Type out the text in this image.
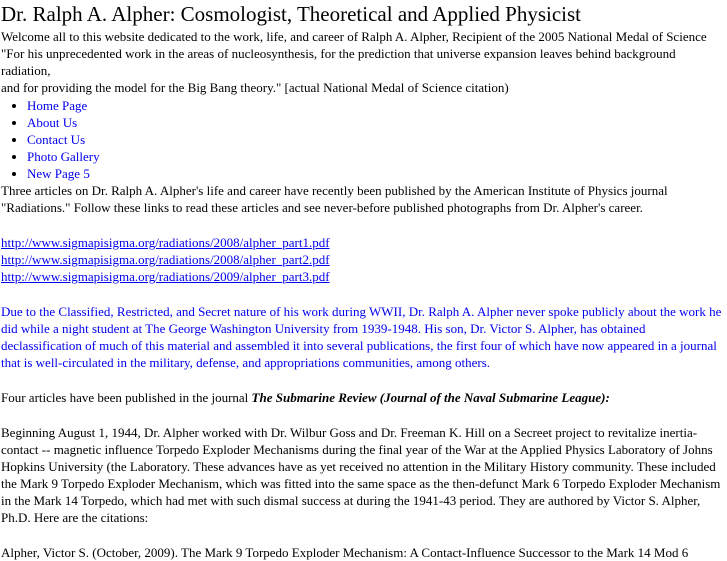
Dr. Ralph A. Alpher: Cosmologist, Theoretical and Applied Physicist

Welcome all to this website dedicated to the work, life, and career of Ralph A. Alpher, Recipient of the 2005 National Medal of Science

"For his unprecedented work in the areas of nucleosynthesis, for the prediction that universe expansion leaves behind background radiation,

and for providing the model for the Big Bang theory." [actual National Medal of Science citation)

• Home Page
• About Us
• Contact Us
• Photo Gallery
• New Page 5

Three articles on Dr. Ralph A. Alpher's life and career have recently been published by the American Institute of Physics journal

"Radiations." Follow these links to read these articles and see never-before published photographs from Dr. Alpher's career.

http://www.sigmapisigma.org/radiations/2008/alpher_part1.pdf

http://www.sigmapisigma.org/radiations/2008/alpher_part2.pdf

http://www.sigmapisigma.org/radiations/2009/alpher_part3.pdf

Due to the Classified, Restricted, and Secret nature of his work during WWII, Dr. Ralph A. Alpher never spoke publicly about the work he

did while a night student at The George Washington University from 1939-1948. His son, Dr. Victor S. Alpher, has obtained

declassification of much of this material and assembled it into several publications, the first four of which have now appeared in a journal

that is well-circulated in the military, defense, and appropriations communities, among others.

Four articles have been published in the journal The Submarine Review (Journal of the Naval Submarine League):

Beginning August 1, 1944, Dr. Alpher worked with Dr. Wilbur Goss and Dr. Freeman K. Hill on a Secreet project to revitalize inertia-

contact -- magnetic influence Torpedo Exploder Mechanisms during the final year of the War at the Applied Physics Laboratory of Johns

Hopkins University (the Laboratory. These advances have as yet received no attention in the Military History community. These included

the Mark 9 Torpedo Exploder Mechanism, which was fitted into the same space as the then-defunct Mark 6 Torpedo Exploder Mechanism

in the Mark 14 Torpedo, which had met with such dismal success at during the 1941-43 period. They are authored by Victor S. Alpher,

Ph.D. Here are the citations:

Alpher, Victor S. (October, 2009). The Mark 9 Torpedo Exploder Mechanism: A Contact-Influence Successor to the Mark 14 Mod 6
